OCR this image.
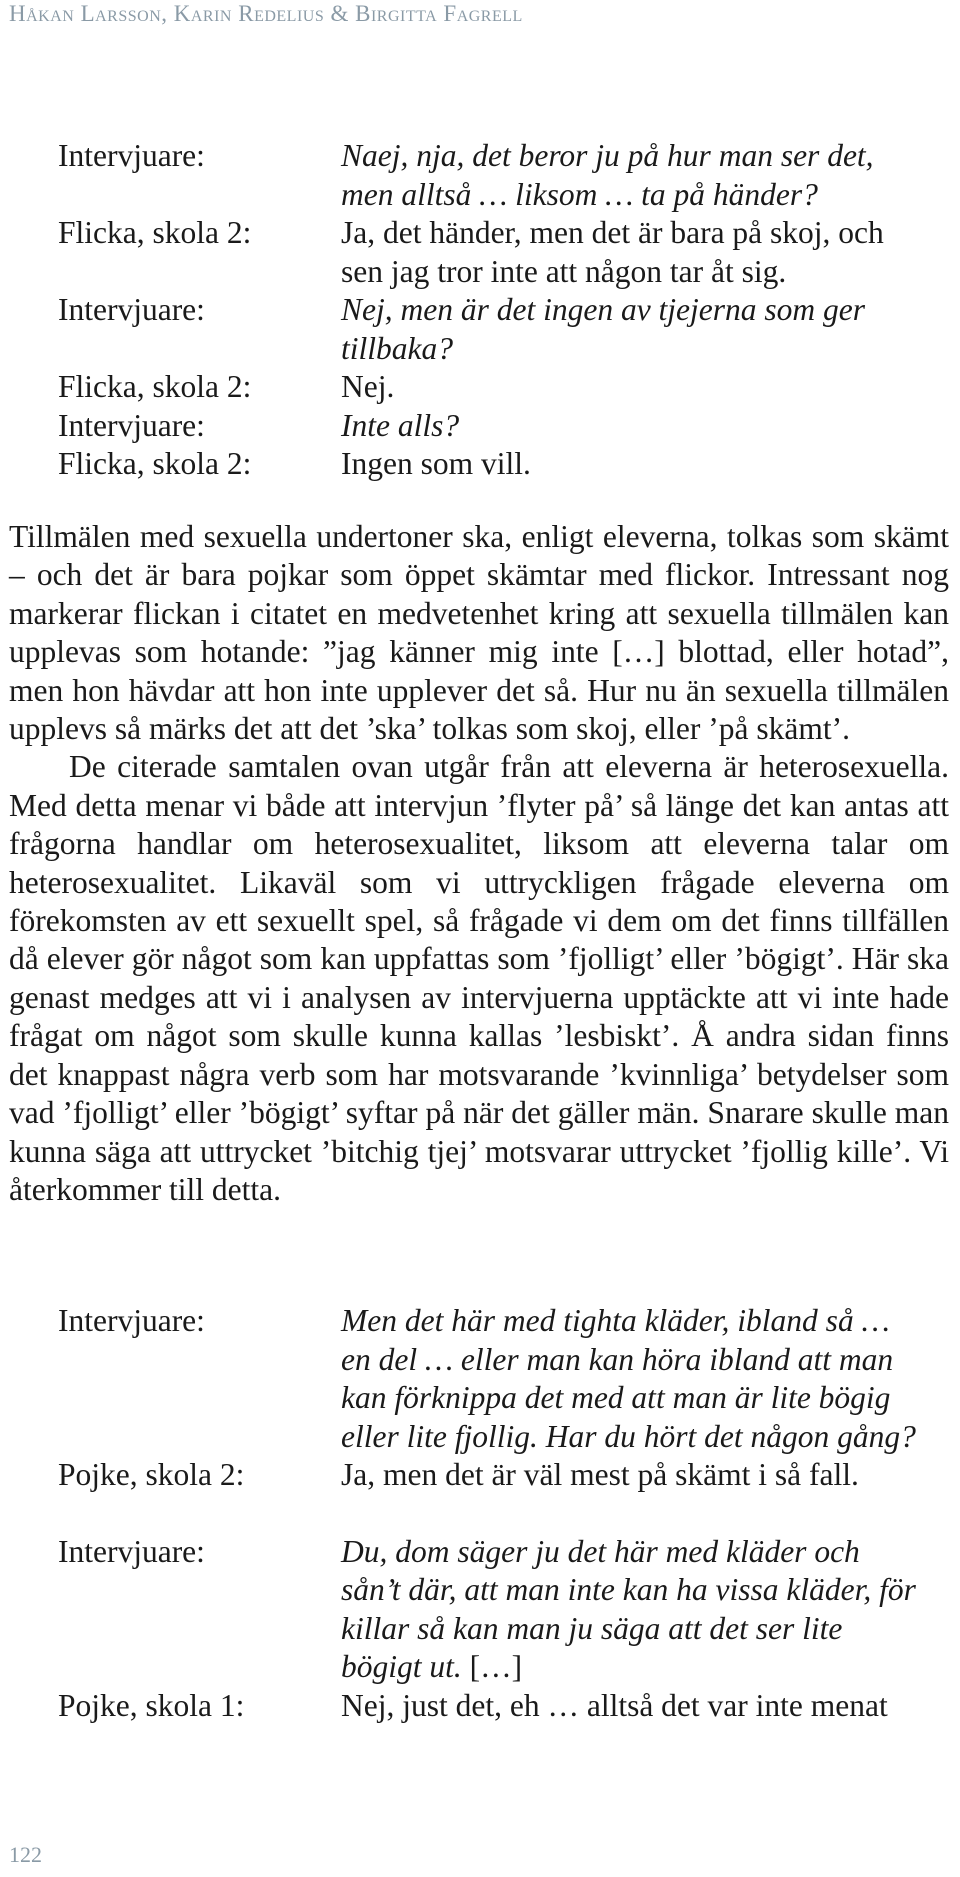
Håkan Larsson, Karin Redelius & Birgitta Fagrell
Intervjuare:	Naej, nja, det beror ju på hur man ser det, men alltså … liksom … ta på händer?
Flicka, skola 2:	Ja, det händer, men det är bara på skoj, och sen jag tror inte att någon tar åt sig.
Intervjuare:	Nej, men är det ingen av tjejerna som ger tillbaka?
Flicka, skola 2:	Nej.
Intervjuare:	Inte alls?
Flicka, skola 2:	Ingen som vill.

Tillmälen med sexuella undertoner ska, enligt eleverna, tolkas som skämt – och det är bara pojkar som öppet skämtar med flickor. Intressant nog markerar flickan i citatet en medvetenhet kring att sexuella tillmälen kan upplevas som hotande: ”jag känner mig inte […] blottad, eller hotad”, men hon hävdar att hon inte upplever det så. Hur nu än sexuella tillmälen upplevs så märks det att det ’ska’ tolkas som skoj, eller ’på skämt’.

De citerade samtalen ovan utgår från att eleverna är heterosexuella. Med detta menar vi både att intervjun ’flyter på’ så länge det kan antas att frågorna handlar om heterosexualitet, liksom att eleverna talar om heterosexualitet. Likaväl som vi uttryckligen frågade eleverna om förekomsten av ett sexuellt spel, så frågade vi dem om det finns tillfällen då elever gör något som kan uppfattas som ’fjolligt’ eller ’bögigt’. Här ska genast medges att vi i analysen av intervjuerna upptäckte att vi inte hade frågat om något som skulle kunna kallas ’lesbiskt’. Å andra sidan finns det knappast några verb som har motsvarande ’kvinnliga’ betydelser som vad ’fjolligt’ eller ’bögigt’ syftar på när det gäller män. Snarare skulle man kunna säga att uttrycket ’bitchig tjej’ motsvarar uttrycket ’fjollig kille’. Vi återkommer till detta.

Intervjuare:	Men det här med tighta kläder, ibland så … en del … eller man kan höra ibland att man kan förknippa det med att man är lite bögig eller lite fjollig. Har du hört det någon gång?
Pojke, skola 2:	Ja, men det är väl mest på skämt i så fall.
Intervjuare:	Du, dom säger ju det här med kläder och sån’t där, att man inte kan ha vissa kläder, för killar så kan man ju säga att det ser lite bögigt ut. […]
Pojke, skola 1:	Nej, just det, eh … alltså det var inte menat
122
